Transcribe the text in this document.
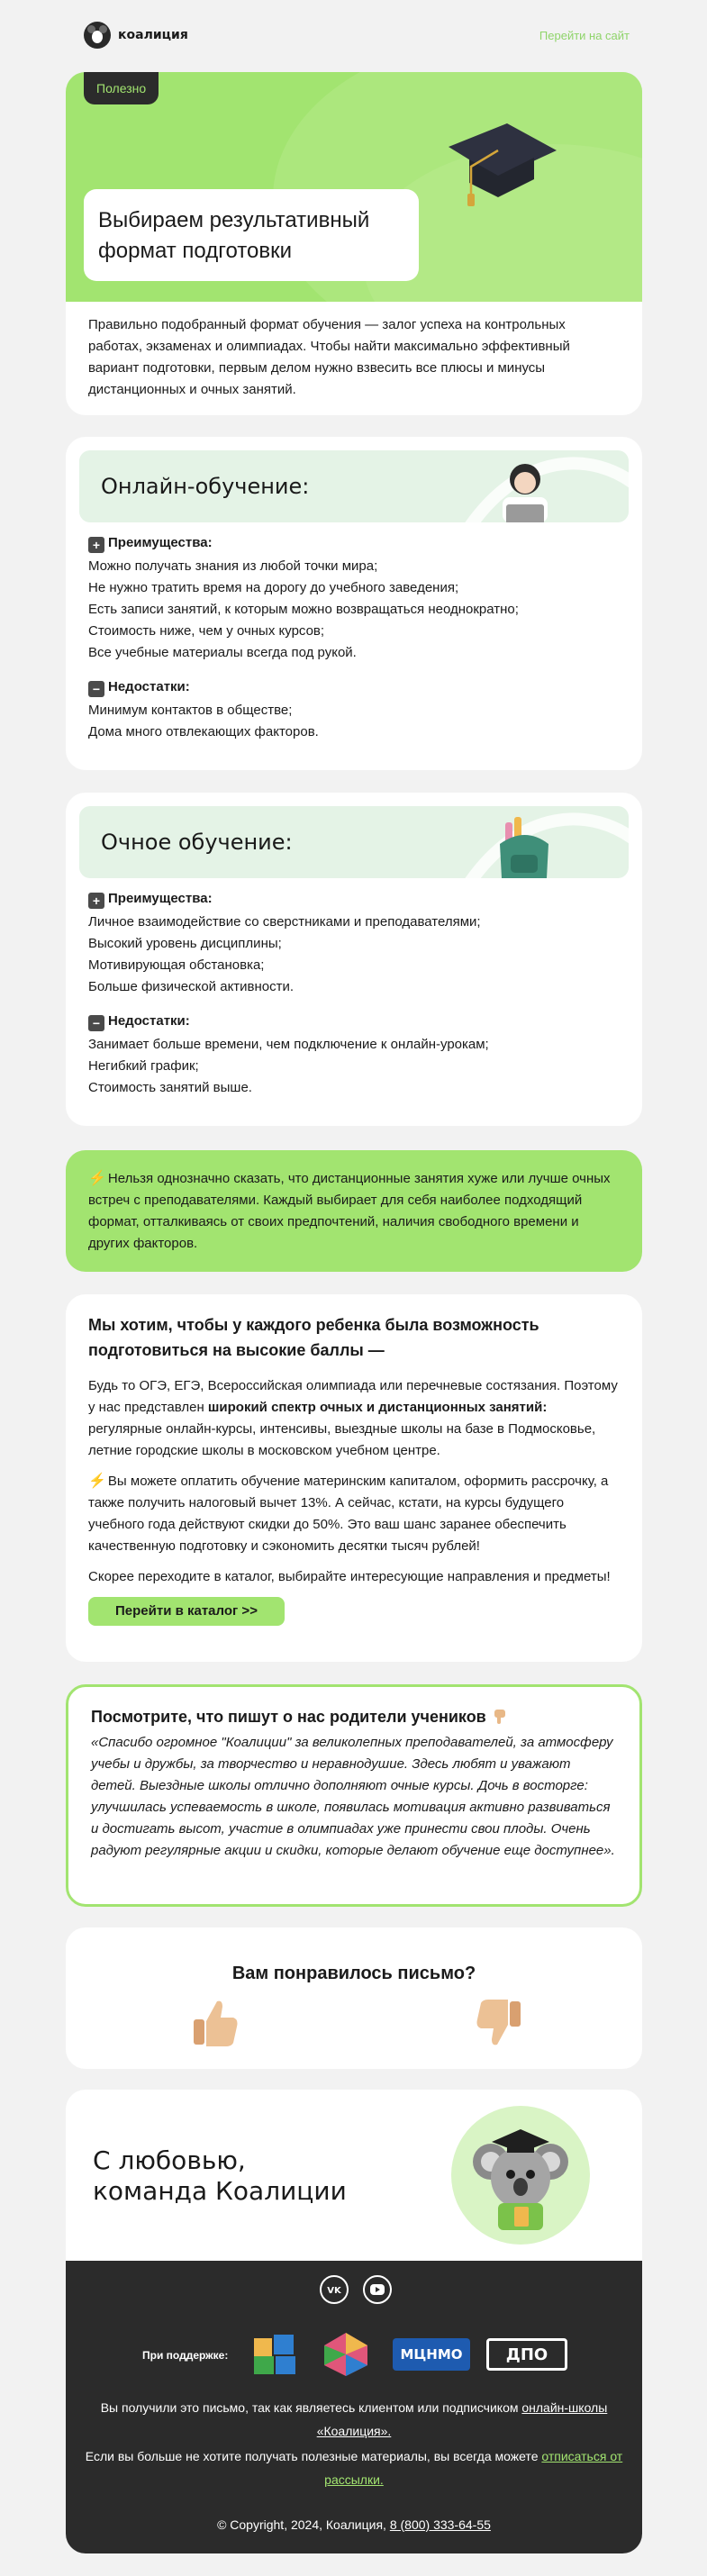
коалиция	Перейти на сайт
Полезно
Выбираем результативный формат подготовки
Правильно подобранный формат обучения — залог успеха на контрольных работах, экзаменах и олимпиадах. Чтобы найти максимально эффективный вариант подготовки, первым делом нужно взвесить все плюсы и минусы дистанционных и очных занятий.
Онлайн-обучение:
+ Преимущества:
Можно получать знания из любой точки мира;
Не нужно тратить время на дорогу до учебного заведения;
Есть записи занятий, к которым можно возвращаться неоднократно;
Стоимость ниже, чем у очных курсов;
Все учебные материалы всегда под рукой.
− Недостатки:
Минимум контактов в обществе;
Дома много отвлекающих факторов.
Очное обучение:
+ Преимущества:
Личное взаимодействие со сверстниками и преподавателями;
Высокий уровень дисциплины;
Мотивирующая обстановка;
Больше физической активности.
− Недостатки:
Занимает больше времени, чем подключение к онлайн-урокам;
Негибкий график;
Стоимость занятий выше.
⚡ Нельзя однозначно сказать, что дистанционные занятия хуже или лучше очных встреч с преподавателями. Каждый выбирает для себя наиболее подходящий формат, отталкиваясь от своих предпочтений, наличия свободного времени и других факторов.
Мы хотим, чтобы у каждого ребенка была возможность подготовиться на высокие баллы —

Будь то ОГЭ, ЕГЭ, Всероссийская олимпиада или перечневые состязания. Поэтому у нас представлен широкий спектр очных и дистанционных занятий: регулярные онлайн-курсы, интенсивы, выездные школы на базе в Подмосковье, летние городские школы в московском учебном центре.

⚡ Вы можете оплатить обучение материнским капиталом, оформить рассрочку, а также получить налоговый вычет 13%. А сейчас, кстати, на курсы будущего учебного года действуют скидки до 50%. Это ваш шанс заранее обеспечить качественную подготовку и сэкономить десятки тысяч рублей!

Скорее переходите в каталог, выбирайте интересующие направления и предметы!

Перейти в каталог >>
Посмотрите, что пишут о нас родители учеников

«Спасибо огромное "Коалиции" за великолепных преподавателей, за атмосферу учебы и дружбы, за творчество и неравнодушие. Здесь любят и уважают детей. Выездные школы отлично дополняют очные курсы. Дочь в восторге: улучшилась успеваемость в школе, появилась мотивация активно развиваться и достигать высот, участие в олимпиадах уже принести свои плоды. Очень радуют регулярные акции и скидки, которые делают обучение еще доступнее».

Вам понравилось письмо?
С любовью,
команда Коалиции
VK
При поддержке:	МЦНМО	ДПО
Вы получили это письмо, так как являетесь клиентом или подписчиком онлайн-школы «Коалиция».
Если вы больше не хотите получать полезные материалы, вы всегда можете отписаться от рассылки.
© Copyright, 2024, Коалиция, 8 (800) 333-64-55
